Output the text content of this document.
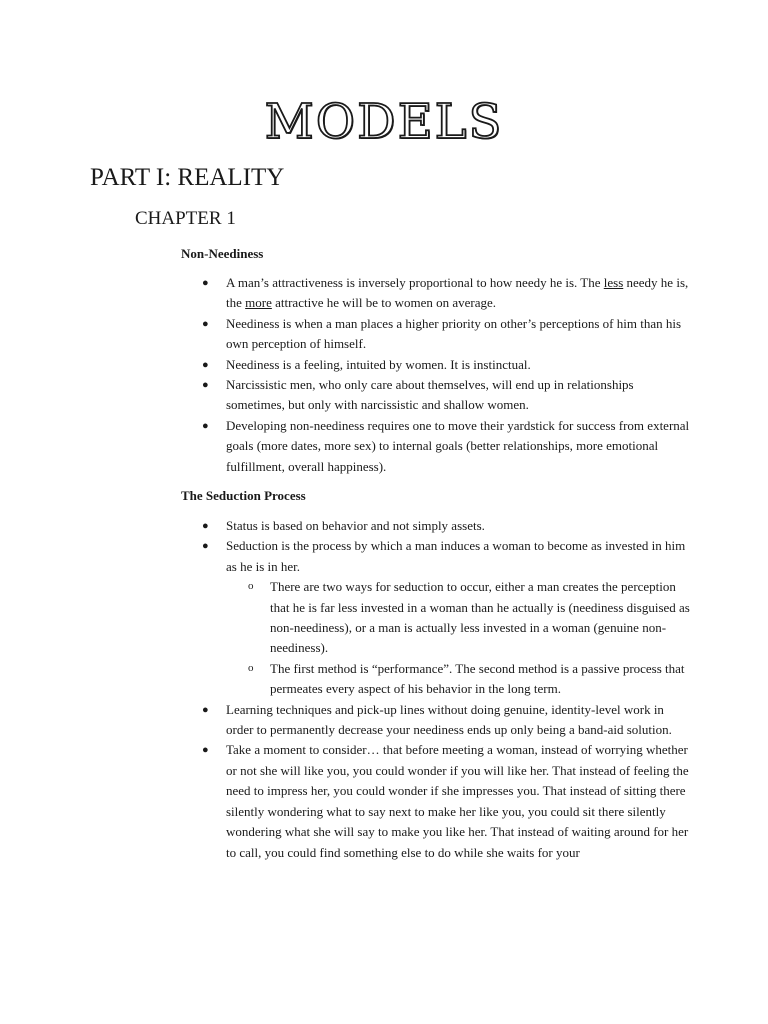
MODELS
PART I: REALITY
CHAPTER 1
Non-Neediness
● A man’s attractiveness is inversely proportional to how needy he is. The less needy he is, the more attractive he will be to women on average.
● Neediness is when a man places a higher priority on other’s perceptions of him than his own perception of himself.
● Neediness is a feeling, intuited by women. It is instinctual.
● Narcissistic men, who only care about themselves, will end up in relationships sometimes, but only with narcissistic and shallow women.
● Developing non-neediness requires one to move their yardstick for success from external goals (more dates, more sex) to internal goals (better relationships, more emotional fulfillment, overall happiness).
The Seduction Process
● Status is based on behavior and not simply assets.
● Seduction is the process by which a man induces a woman to become as invested in him as he is in her.
o There are two ways for seduction to occur, either a man creates the perception that he is far less invested in a woman than he actually is (neediness disguised as non-neediness), or a man is actually less invested in a woman (genuine non-neediness).
o The first method is “performance”. The second method is a passive process that permeates every aspect of his behavior in the long term.
● Learning techniques and pick-up lines without doing genuine, identity-level work in order to permanently decrease your neediness ends up only being a band-aid solution.
● Take a moment to consider… that before meeting a woman, instead of worrying whether or not she will like you, you could wonder if you will like her. That instead of feeling the need to impress her, you could wonder if she impresses you. That instead of sitting there silently wondering what to say next to make her like you, you could sit there silently wondering what she will say to make you like her. That instead of waiting around for her to call, you could find something else to do while she waits for your
